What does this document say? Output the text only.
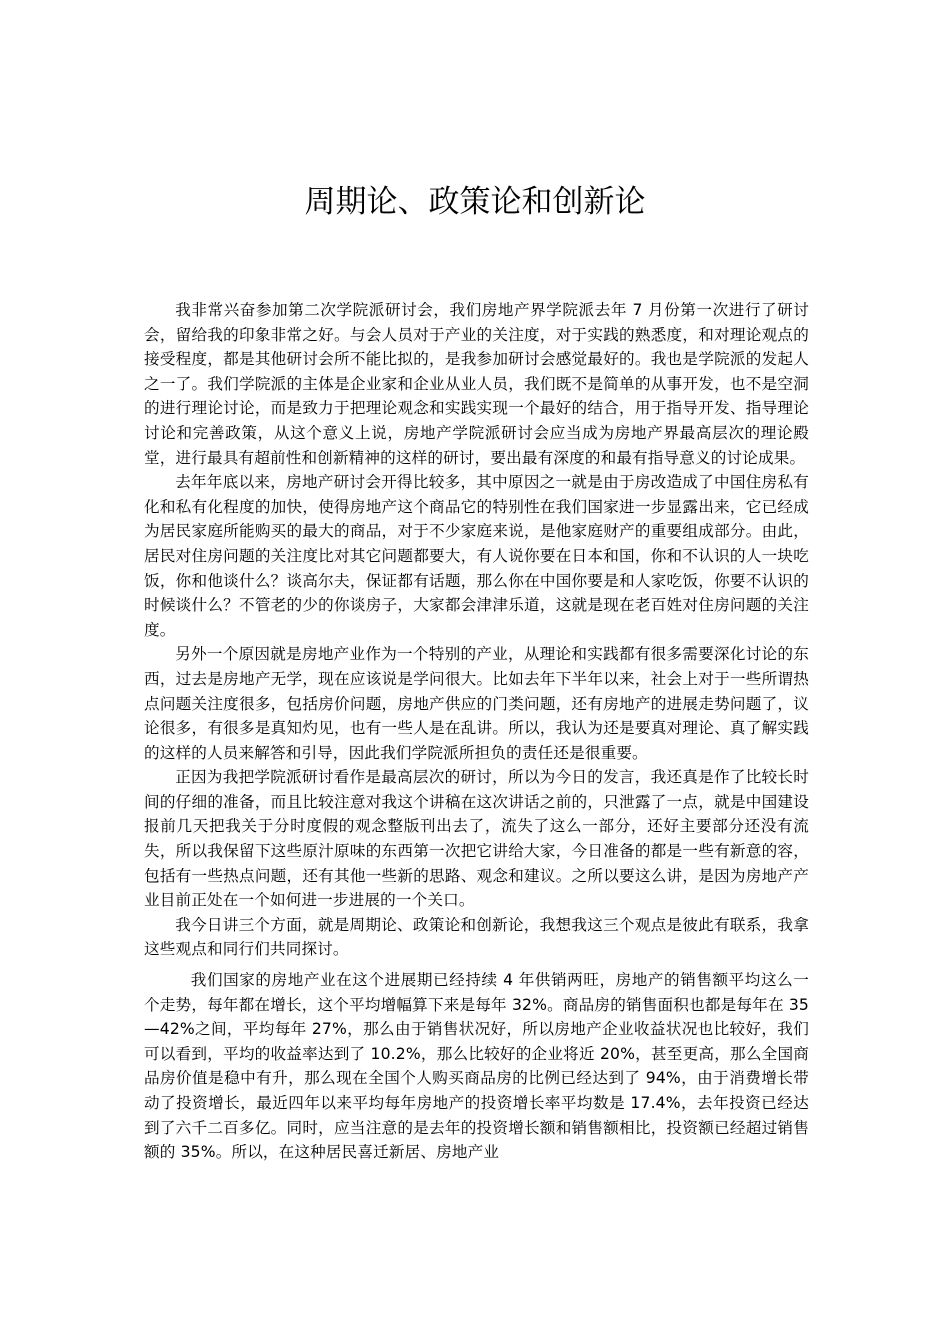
周期论、政策论和创新论

我非常兴奋参加第二次学院派研讨会，我们房地产界学院派去年 7 月份第一次进行了研讨会，留给我的印象非常之好。与会人员对于产业的关注度，对于实践的熟悉度，和对理论观点的接受程度，都是其他研讨会所不能比拟的，是我参加研讨会感觉最好的。我也是学院派的发起人之一了。我们学院派的主体是企业家和企业从业人员，我们既不是简单的从事开发，也不是空洞的进行理论讨论，而是致力于把理论观念和实践实现一个最好的结合，用于指导开发、指导理论讨论和完善政策，从这个意义上说，房地产学院派研讨会应当成为房地产界最高层次的理论殿堂，进行最具有超前性和创新精神的这样的研讨，要出最有深度的和最有指导意义的讨论成果。

去年年底以来，房地产研讨会开得比较多，其中原因之一就是由于房改造成了中国住房私有化和私有化程度的加快，使得房地产这个商品它的特别性在我们国家进一步显露出来，它已经成为居民家庭所能购买的最大的商品，对于不少家庭来说，是他家庭财产的重要组成部分。由此，居民对住房问题的关注度比对其它问题都要大，有人说你要在日本和国，你和不认识的人一块吃饭，你和他谈什么？谈高尔夫，保证都有话题，那么你在中国你要是和人家吃饭，你要不认识的时候谈什么？不管老的少的你谈房子，大家都会津津乐道，这就是现在老百姓对住房问题的关注度。

另外一个原因就是房地产业作为一个特别的产业，从理论和实践都有很多需要深化讨论的东西，过去是房地产无学，现在应该说是学问很大。比如去年下半年以来，社会上对于一些所谓热点问题关注度很多，包括房价问题，房地产供应的门类问题，还有房地产的进展走势问题了，议论很多，有很多是真知灼见，也有一些人是在乱讲。所以，我认为还是要真对理论、真了解实践的这样的人员来解答和引导，因此我们学院派所担负的责任还是很重要。

正因为我把学院派研讨看作是最高层次的研讨，所以为今日的发言，我还真是作了比较长时间的仔细的准备，而且比较注意对我这个讲稿在这次讲话之前的，只泄露了一点，就是中国建设报前几天把我关于分时度假的观念整版刊出去了，流失了这么一部分，还好主要部分还没有流失，所以我保留下这些原汁原味的东西第一次把它讲给大家，今日准备的都是一些有新意的容，包括有一些热点问题，还有其他一些新的思路、观念和建议。之所以要这么讲，是因为房地产产业目前正处在一个如何进一步进展的一个关口。

我今日讲三个方面，就是周期论、政策论和创新论，我想我这三个观点是彼此有联系，我拿这些观点和同行们共同探讨。

我们国家的房地产业在这个进展期已经持续 4 年供销两旺，房地产的销售额平均这么一个走势，每年都在增长，这个平均增幅算下来是每年 32%。商品房的销售面积也都是每年在 35—42%之间，平均每年 27%，那么由于销售状况好，所以房地产企业收益状况也比较好，我们可以看到，平均的收益率达到了 10.2%，那么比较好的企业将近 20%，甚至更高，那么全国商品房价值是稳中有升，那么现在全国个人购买商品房的比例已经达到了 94%，由于消费增长带动了投资增长，最近四年以来平均每年房地产的投资增长率平均数是 17.4%，去年投资已经达到了六千二百多亿。同时，应当注意的是去年的投资增长额和销售额相比，投资额已经超过销售额的 35%。所以，在这种居民喜迁新居、房地产业
